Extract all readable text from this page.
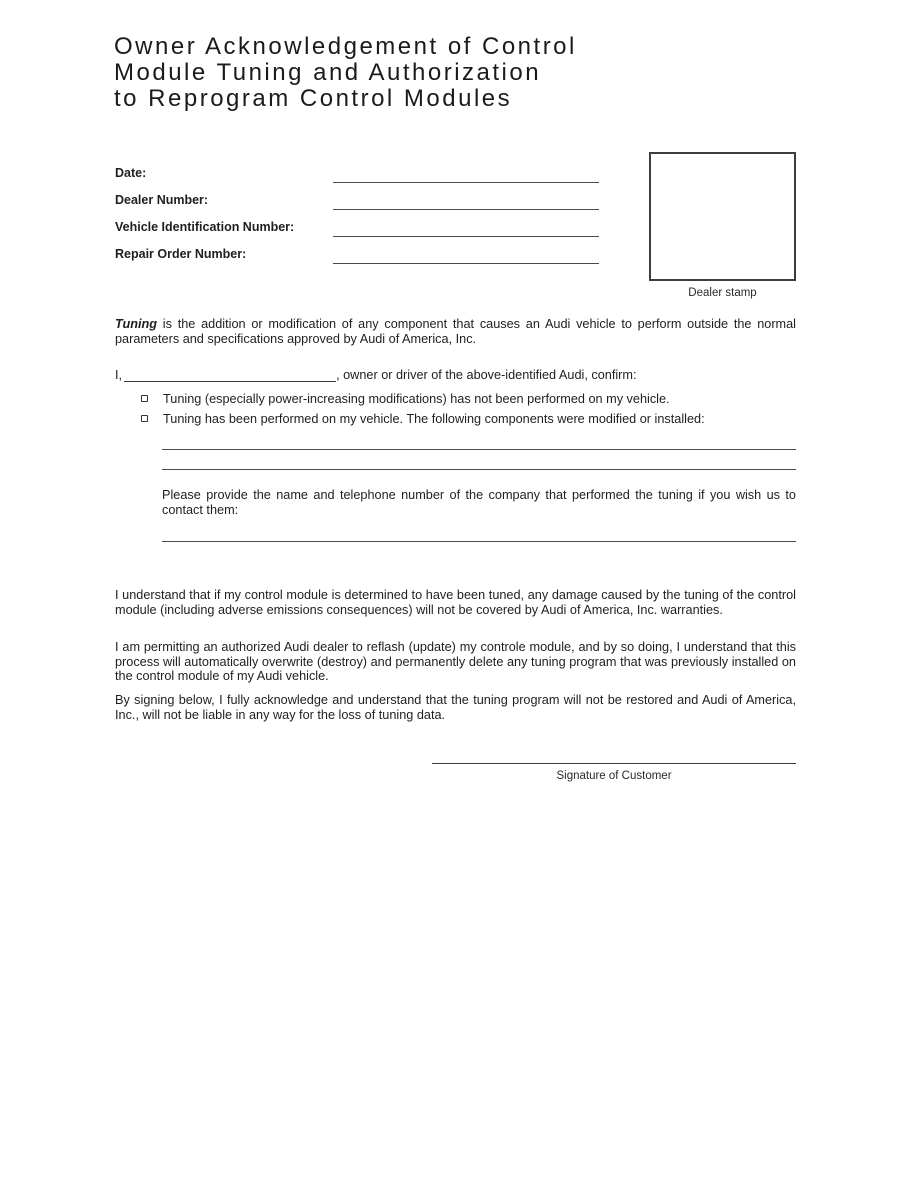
Owner Acknowledgement of Control
Module Tuning and Authorization
to Reprogram Control Modules
Date:
Dealer Number:
Vehicle Identification Number:
Repair Order Number:
Dealer stamp
Tuning is the addition or modification of any component that causes an Audi vehicle to perform outside the normal parameters and specifications approved by Audi of America, Inc.
I,	, owner or driver of the above-identified Audi, confirm:
Tuning (especially power-increasing modifications) has not been performed on my vehicle.
Tuning has been performed on my vehicle. The following components were modified or installed:
Please provide the name and telephone number of the company that performed the tuning if you wish us to contact them:
I understand that if my control module is determined to have been tuned, any damage caused by the tuning of the control module (including adverse emissions consequences) will not be covered by Audi of America, Inc. warranties.
I am permitting an authorized Audi dealer to reflash (update) my controle module, and by so doing, I understand that this process will automatically overwrite (destroy) and permanently delete any tuning program that was previously installed on the control module of my Audi vehicle.
By signing below, I fully acknowledge and understand that the tuning program will not be restored and Audi of America, Inc., will not be liable in any way for the loss of tuning data.
Signature of Customer
